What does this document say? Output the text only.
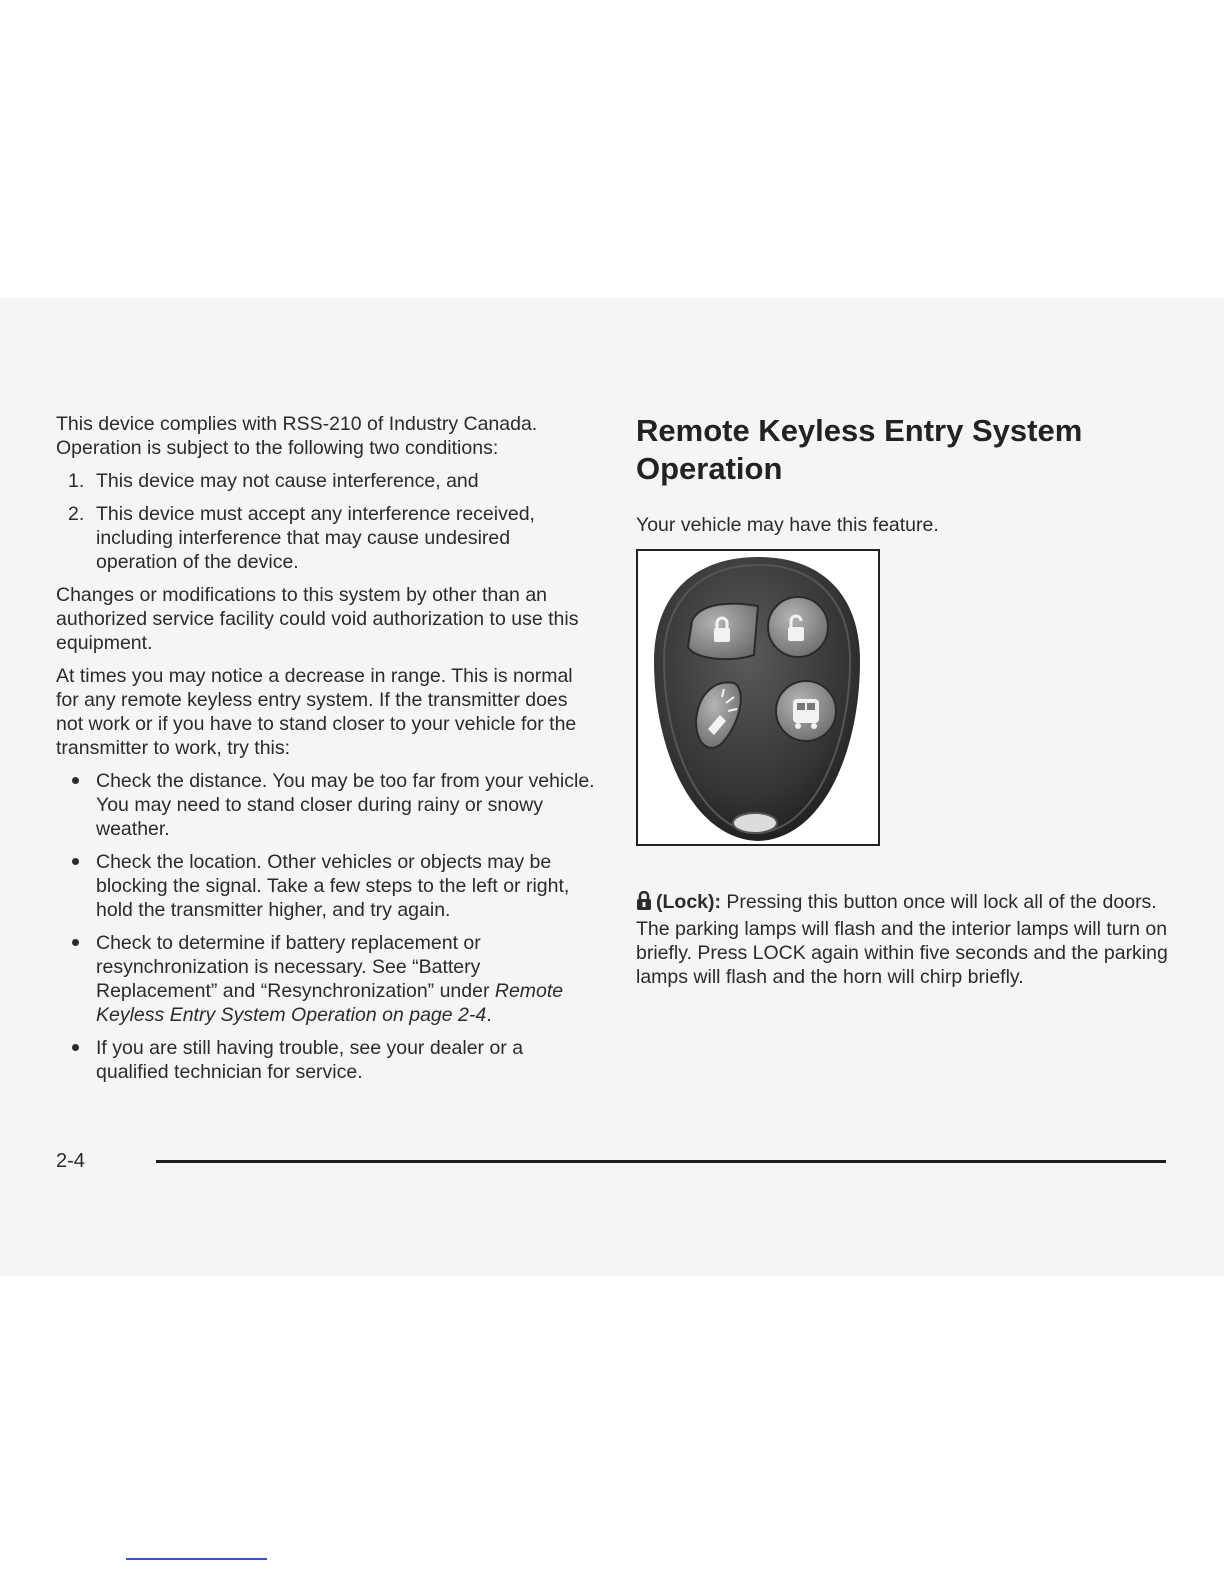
This device complies with RSS-210 of Industry Canada. Operation is subject to the following two conditions:

1. This device may not cause interference, and
2. This device must accept any interference received, including interference that may cause undesired operation of the device.

Changes or modifications to this system by other than an authorized service facility could void authorization to use this equipment.

At times you may notice a decrease in range. This is normal for any remote keyless entry system. If the transmitter does not work or if you have to stand closer to your vehicle for the transmitter to work, try this:

Check the distance. You may be too far from your vehicle. You may need to stand closer during rainy or snowy weather.
Check the location. Other vehicles or objects may be blocking the signal. Take a few steps to the left or right, hold the transmitter higher, and try again.
Check to determine if battery replacement or resynchronization is necessary. See “Battery Replacement” and “Resynchronization” under Remote Keyless Entry System Operation on page 2-4.
If you are still having trouble, see your dealer or a qualified technician for service.
Remote Keyless Entry System Operation

Your vehicle may have this feature.

(Lock): Pressing this button once will lock all of the doors. The parking lamps will flash and the interior lamps will turn on briefly. Press LOCK again within five seconds and the parking lamps will flash and the horn will chirp briefly.

2-4
